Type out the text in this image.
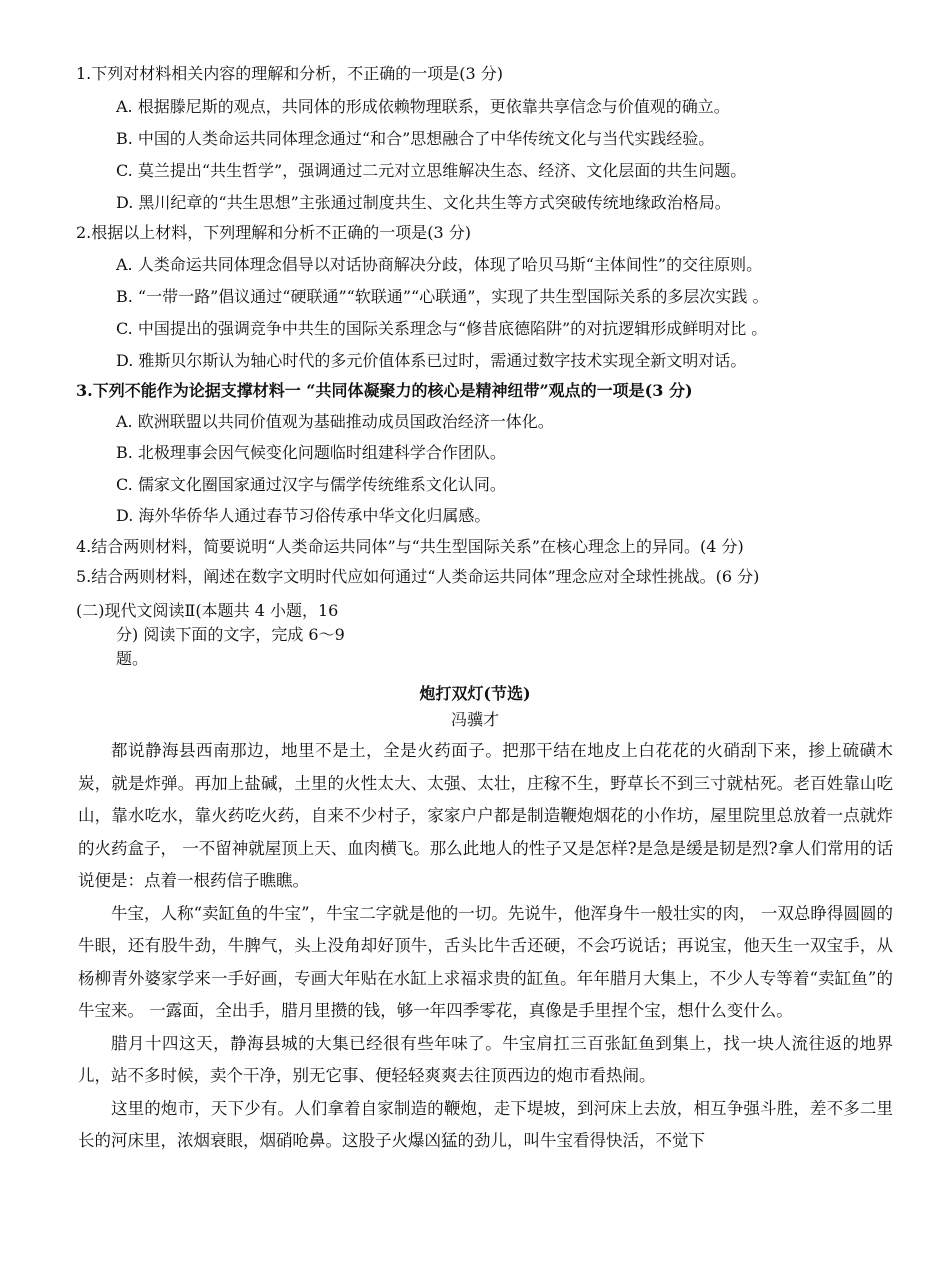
1.下列对材料相关内容的理解和分析，不正确的一项是(3 分)
A. 根据滕尼斯的观点，共同体的形成依赖物理联系，更依靠共享信念与价值观的确立。
B. 中国的人类命运共同体理念通过“和合”思想融合了中华传统文化与当代实践经验。
C. 莫兰提出“共生哲学”，强调通过二元对立思维解决生态、经济、文化层面的共生问题。
D. 黑川纪章的“共生思想”主张通过制度共生、文化共生等方式突破传统地缘政治格局。
2.根据以上材料，下列理解和分析不正确的一项是(3 分)
A. 人类命运共同体理念倡导以对话协商解决分歧，体现了哈贝马斯“主体间性”的交往原则。
B. “一带一路”倡议通过“硬联通”“软联通”“心联通”，实现了共生型国际关系的多层次实践 。
C. 中国提出的强调竞争中共生的国际关系理念与“修昔底德陷阱”的对抗逻辑形成鲜明对比 。
D. 雅斯贝尔斯认为轴心时代的多元价值体系已过时，需通过数字技术实现全新文明对话。
3.下列不能作为论据支撑材料一 “共同体凝聚力的核心是精神纽带”观点的一项是(3 分)
A. 欧洲联盟以共同价值观为基础推动成员国政治经济一体化。
B. 北极理事会因气候变化问题临时组建科学合作团队。
C. 儒家文化圈国家通过汉字与儒学传统维系文化认同。
D. 海外华侨华人通过春节习俗传承中华文化归属感。
4.结合两则材料，简要说明“人类命运共同体”与“共生型国际关系”在核心理念上的异同。(4 分)
5.结合两则材料，阐述在数字文明时代应如何通过“人类命运共同体”理念应对全球性挑战。(6 分)
(二)现代文阅读Ⅱ(本题共 4 小题，16
分) 阅读下面的文字，完成 6～9
题。
炮打双灯(节选)
冯骥才

都说静海县西南那边，地里不是土，全是火药面子。把那干结在地皮上白花花的火硝刮下来，掺上硫磺木炭，就是炸弹。再加上盐碱，土里的火性太大、太强、太壮，庄稼不生，野草长不到三寸就枯死。老百姓靠山吃山，靠水吃水，靠火药吃火药，自来不少村子，家家户户都是制造鞭炮烟花的小作坊，屋里院里总放着一点就炸的火药盒子， 一不留神就屋顶上天、血肉横飞。那么此地人的性子又是怎样?是急是缓是韧是烈?拿人们常用的话说便是：点着一根药信子瞧瞧。

牛宝，人称“卖缸鱼的牛宝”，牛宝二字就是他的一切。先说牛，他浑身牛一般壮实的肉， 一双总睁得圆圆的牛眼，还有股牛劲，牛脾气，头上没角却好顶牛，舌头比牛舌还硬，不会巧说话；再说宝，他天生一双宝手，从杨柳青外婆家学来一手好画，专画大年贴在水缸上求福求贵的缸鱼。年年腊月大集上，不少人专等着“卖缸鱼”的牛宝来。 一露面，全出手，腊月里攒的钱，够一年四季零花，真像是手里捏个宝，想什么变什么。

腊月十四这天，静海县城的大集已经很有些年味了。牛宝肩扛三百张缸鱼到集上，找一块人流往返的地界儿，站不多时候，卖个干净，别无它事、便轻轻爽爽去往顶西边的炮市看热闹。

这里的炮市，天下少有。人们拿着自家制造的鞭炮，走下堤坡，到河床上去放，相互争强斗胜，差不多二里长的河床里，浓烟衰眼，烟硝呛鼻。这股子火爆凶猛的劲儿，叫牛宝看得快活，不觉下
